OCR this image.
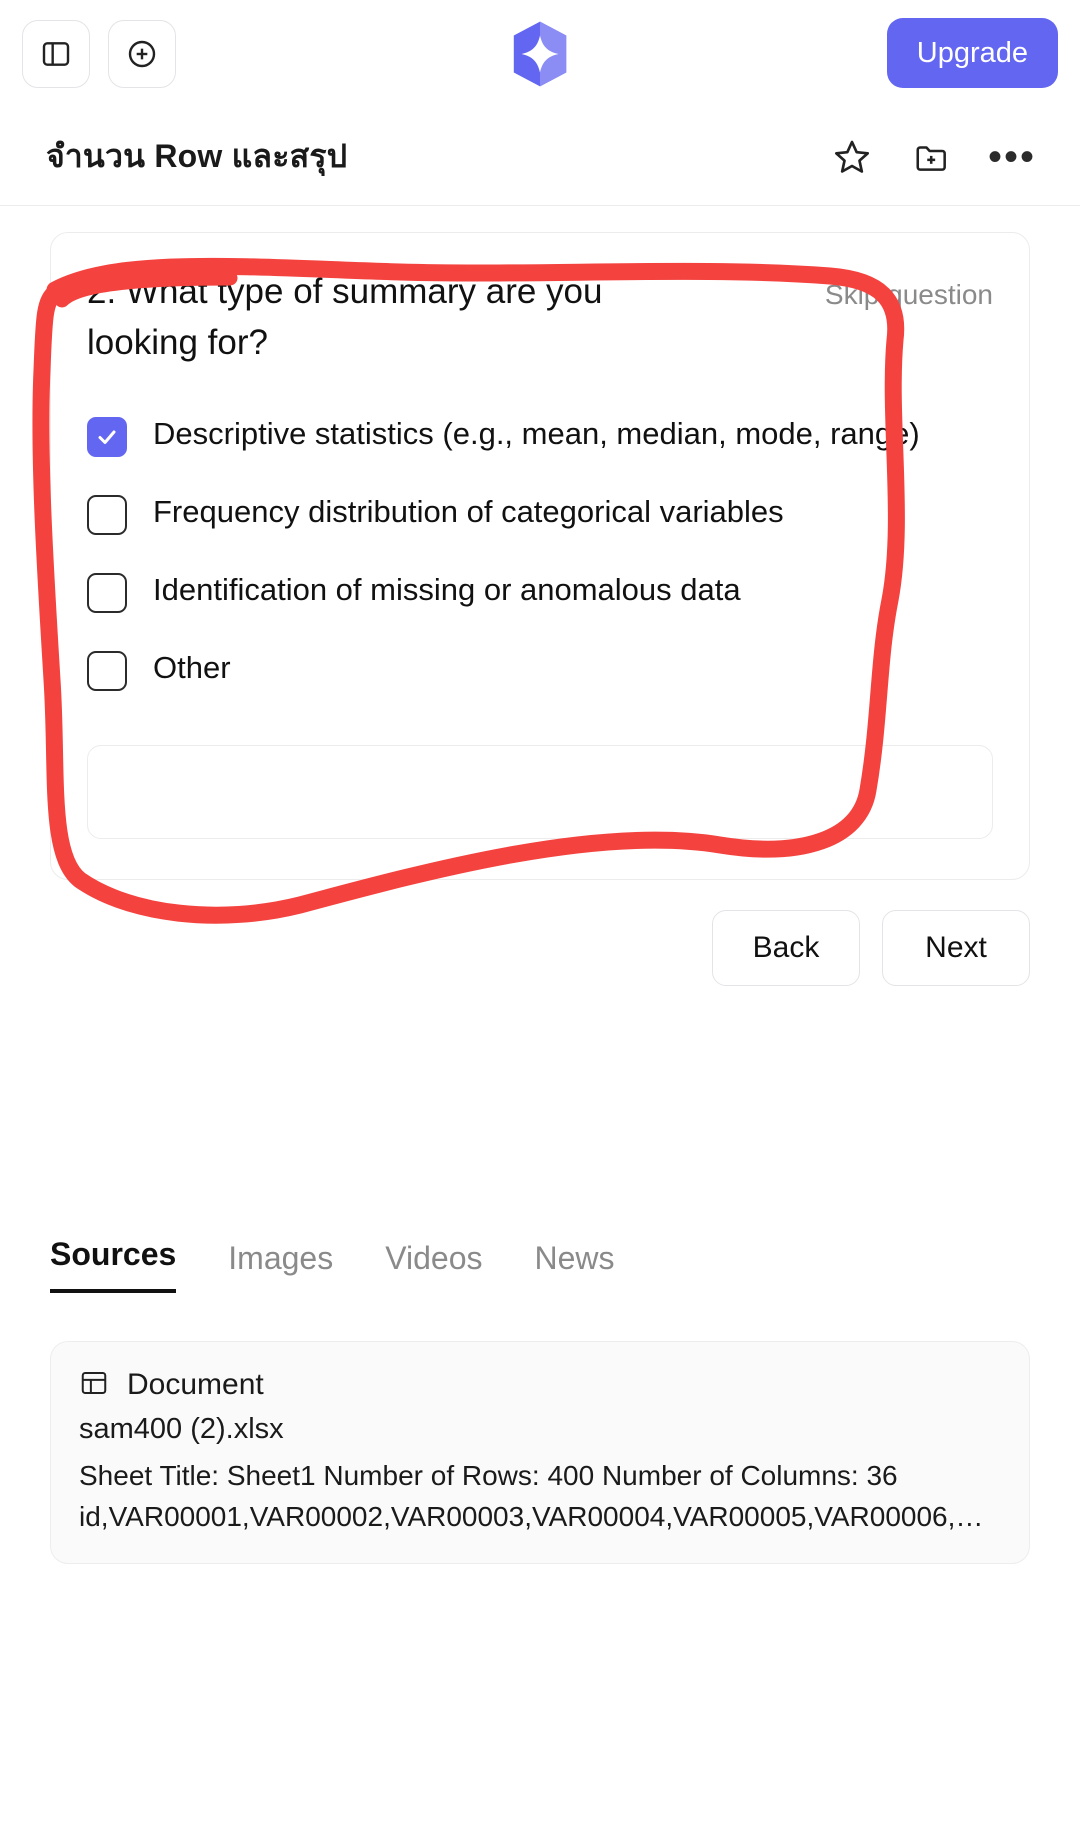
Upgrade
จำนวน Row และสรุป	•••
2. What type of summary are you looking for?
Skip question
Descriptive statistics (e.g., mean, median, mode, range)
Frequency distribution of categorical variables
Identification of missing or anomalous data
Other
Back	Next
Sources Images Videos News
Document
sam400 (2).xlsx
Sheet Title: Sheet1 Number of Rows: 400 Number of Columns: 36
id,VAR00001,VAR00002,VAR00003,VAR00004,VAR00005,VAR00006,…
